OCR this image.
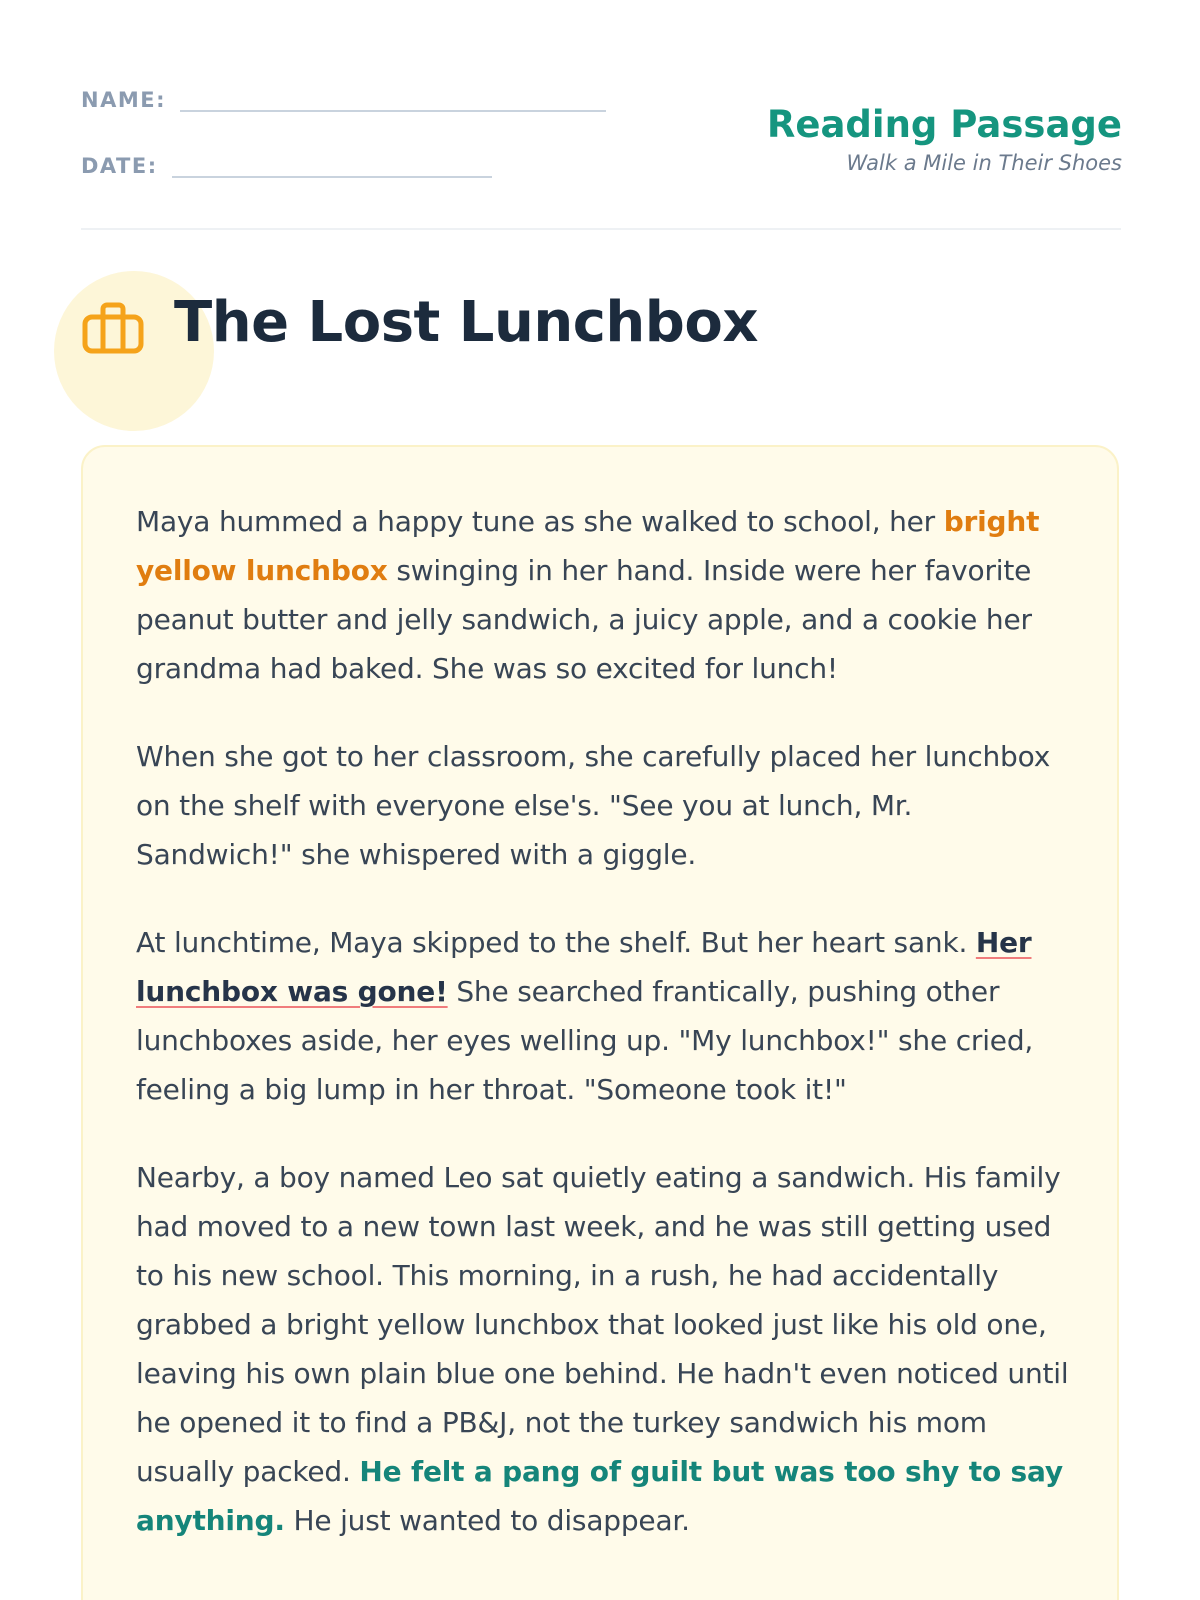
NAME:
DATE:
Reading Passage
Walk a Mile in Their Shoes
The Lost Lunchbox

Maya hummed a happy tune as she walked to school, her bright yellow lunchbox swinging in her hand. Inside were her favorite peanut butter and jelly sandwich, a juicy apple, and a cookie her grandma had baked. She was so excited for lunch!

When she got to her classroom, she carefully placed her lunchbox on the shelf with everyone else's. "See you at lunch, Mr. Sandwich!" she whispered with a giggle.

At lunchtime, Maya skipped to the shelf. But her heart sank. Her lunchbox was gone! She searched frantically, pushing other lunchboxes aside, her eyes welling up. "My lunchbox!" she cried, feeling a big lump in her throat. "Someone took it!"

Nearby, a boy named Leo sat quietly eating a sandwich. His family had moved to a new town last week, and he was still getting used to his new school. This morning, in a rush, he had accidentally grabbed a bright yellow lunchbox that looked just like his old one, leaving his own plain blue one behind. He hadn't even noticed until he opened it to find a PB&J, not the turkey sandwich his mom usually packed. He felt a pang of guilt but was too shy to say anything. He just wanted to disappear.
